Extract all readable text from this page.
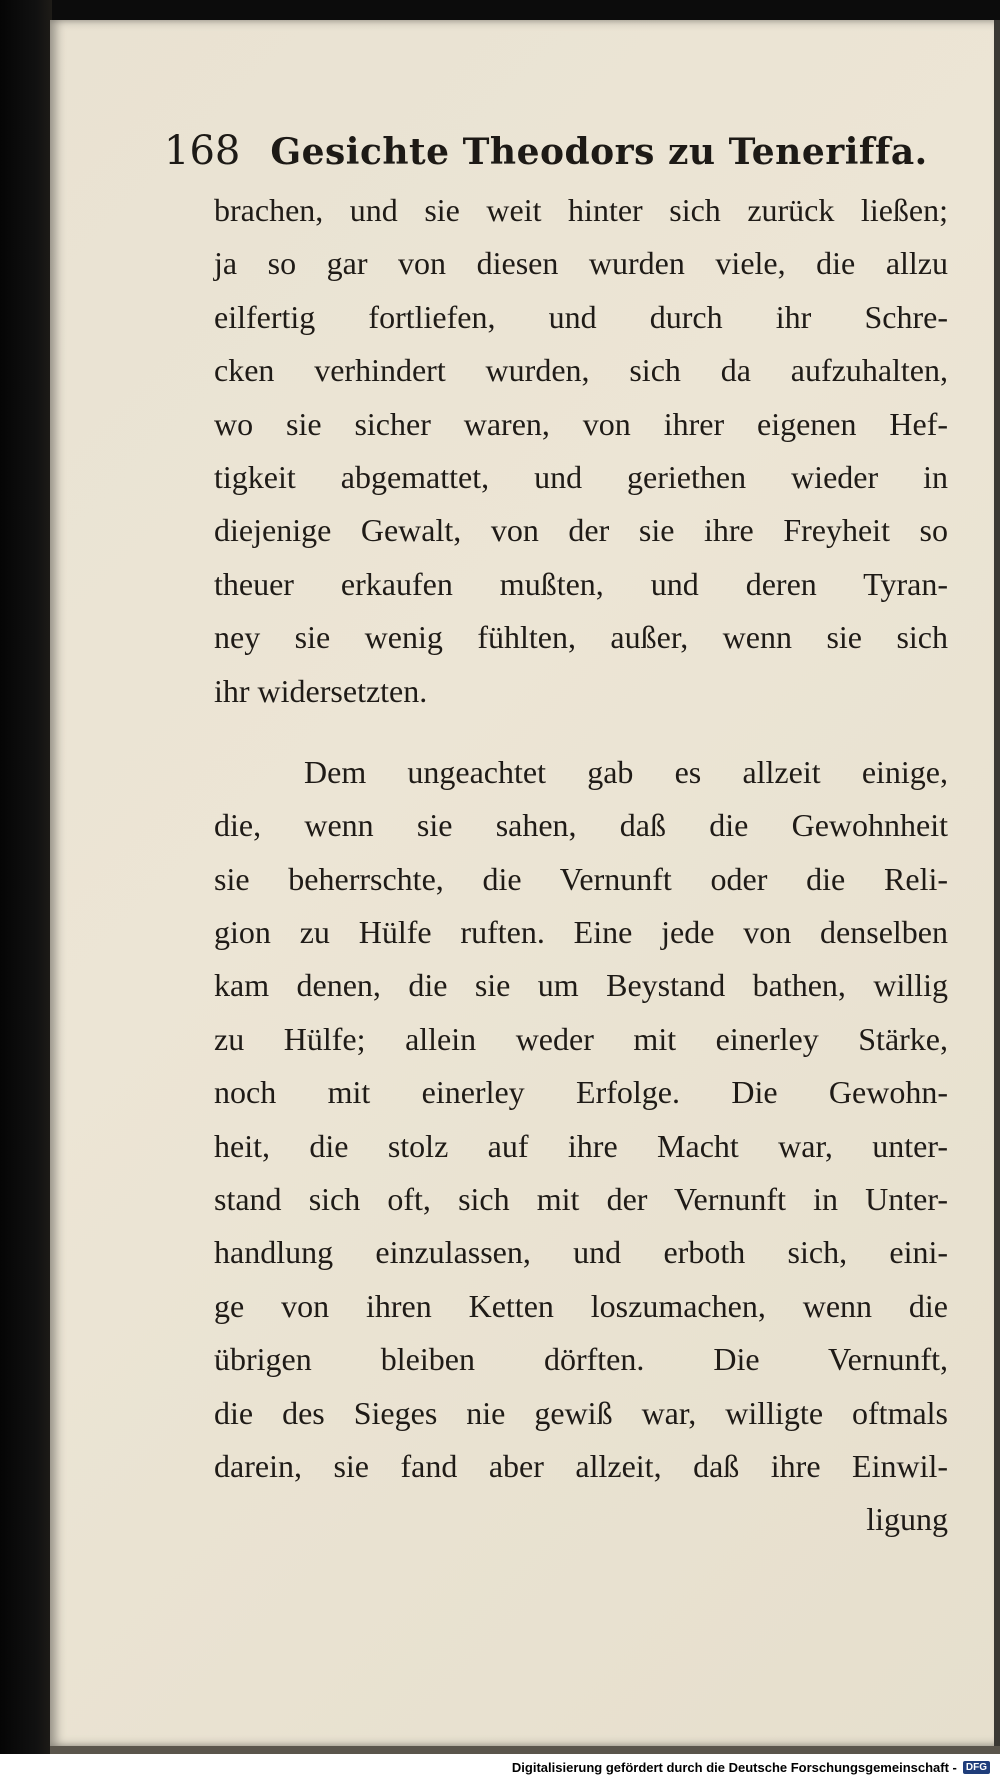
168 Gesichte Theodors zu Teneriffa.
brachen, und sie weit hinter sich zurück ließen;
ja so gar von diesen wurden viele, die allzu
eilfertig fortliefen, und durch ihr Schre-
cken verhindert wurden, sich da aufzuhalten,
wo sie sicher waren, von ihrer eigenen Hef-
tigkeit abgemattet, und geriethen wieder in
diejenige Gewalt, von der sie ihre Freyheit so
theuer erkaufen mußten, und deren Tyran-
ney sie wenig fühlten, außer, wenn sie sich
ihr widersetzten.
Dem ungeachtet gab es allzeit einige,
die, wenn sie sahen, daß die Gewohnheit
sie beherrschte, die Vernunft oder die Reli-
gion zu Hülfe ruften. Eine jede von denselben
kam denen, die sie um Beystand bathen, willig
zu Hülfe; allein weder mit einerley Stärke,
noch mit einerley Erfolge. Die Gewohn-
heit, die stolz auf ihre Macht war, unter-
stand sich oft, sich mit der Vernunft in Unter-
handlung einzulassen, und erboth sich, eini-
ge von ihren Ketten loszumachen, wenn die
übrigen bleiben dörften. Die Vernunft,
die des Sieges nie gewiß war, willigte oftmals
darein, sie fand aber allzeit, daß ihre Einwil-
ligung
Digitalisierung gefördert durch die Deutsche Forschungsgemeinschaft - DFG
